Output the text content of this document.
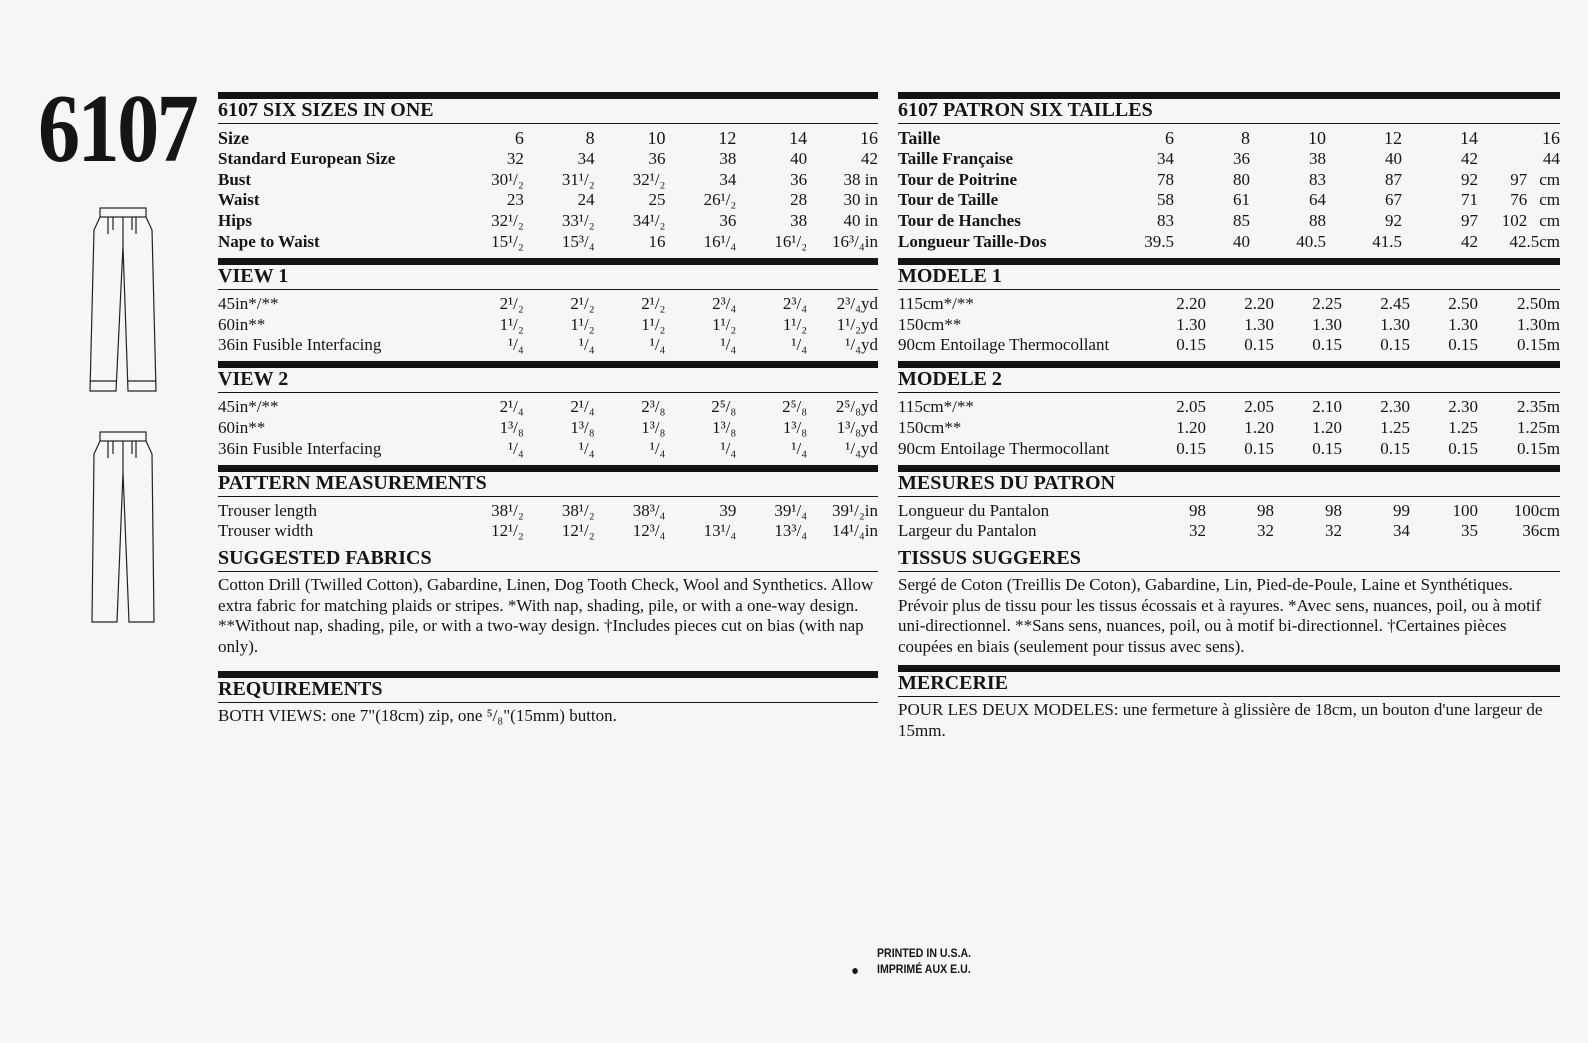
6107 6107 SIX SIZES IN ONE
Size	6	8	10	12	14	16
Standard European Size	32	34	36	38	40	42
Bust	30¹/₂	31¹/₂	32¹/₂	34	36	38 in
Waist	23	24	25	26¹/₂	28	30 in
Hips	32¹/₂	33¹/₂	34¹/₂	36	38	40 in
Nape to Waist	15¹/₂	15³/₄	16	16¹/₄	16¹/₂	16³/₄in
VIEW 1
45in*/**	2¹/₂	2¹/₂	2¹/₂	2³/₄	2³/₄	2³/₄yd
60in**	1¹/₂	1¹/₂	1¹/₂	1¹/₂	1¹/₂	1¹/₂yd
36in Fusible Interfacing	¹/₄	¹/₄	¹/₄	¹/₄	¹/₄	¹/₄yd
VIEW 2
45in*/**	2¹/₄	2¹/₄	2³/₈	2⁵/₈	2⁵/₈	2⁵/₈yd
60in**	1³/₈	1³/₈	1³/₈	1³/₈	1³/₈	1³/₈yd
36in Fusible Interfacing	¹/₄	¹/₄	¹/₄	¹/₄	¹/₄	¹/₄yd
PATTERN MEASUREMENTS
Trouser length	38¹/₂	38¹/₂	38³/₄	39	39¹/₄	39¹/₂in
Trouser width	12¹/₂	12¹/₂	12³/₄	13¹/₄	13³/₄	14¹/₄in
SUGGESTED FABRICS

Cotton Drill (Twilled Cotton), Gabardine, Linen, Dog Tooth Check, Wool and Synthetics. Allow extra fabric for matching plaids or stripes. *With nap, shading, pile, or with a one-way design. **Without nap, shading, pile, or with a two-way design. †Includes pieces cut on bias (with nap only).

REQUIREMENTS

BOTH VIEWS: one 7"(18cm) zip, one ⁵/₈"(15mm) button.

6107 PATRON SIX TAILLES
Taille	6	8	10	12	14	16
Taille Française	34	36	38	40	42	44
Tour de Poitrine	78	80	83	87	92	97 cm
Tour de Taille	58	61	64	67	71	76 cm
Tour de Hanches	83	85	88	92	97	102 cm
Longueur Taille-Dos	39.5	40	40.5	41.5	42	42.5cm
MODELE 1
115cm*/**	2.20	2.20	2.25	2.45	2.50	2.50m
150cm**	1.30	1.30	1.30	1.30	1.30	1.30m
90cm Entoilage Thermocollant	0.15	0.15	0.15	0.15	0.15	0.15m
MODELE 2
115cm*/**	2.05	2.05	2.10	2.30	2.30	2.35m
150cm**	1.20	1.20	1.20	1.25	1.25	1.25m
90cm Entoilage Thermocollant	0.15	0.15	0.15	0.15	0.15	0.15m
MESURES DU PATRON
Longueur du Pantalon	98	98	98	99	100	100cm
Largeur du Pantalon	32	32	32	34	35	36cm
TISSUS SUGGERES

Sergé de Coton (Treillis De Coton), Gabardine, Lin, Pied-de-Poule, Laine et Synthétiques. Prévoir plus de tissu pour les tissus écossais et à rayures. *Avec sens, nuances, poil, ou à motif uni-directionnel. **Sans sens, nuances, poil, ou à motif bi-directionnel. †Certaines pièces coupées en biais (seulement pour tissus avec sens).

MERCERIE

POUR LES DEUX MODELES: une fermeture à glissière de 18cm, un bouton d'une largeur de 15mm.

●
PRINTED IN U.S.A.
IMPRIMÉ AUX E.U.
